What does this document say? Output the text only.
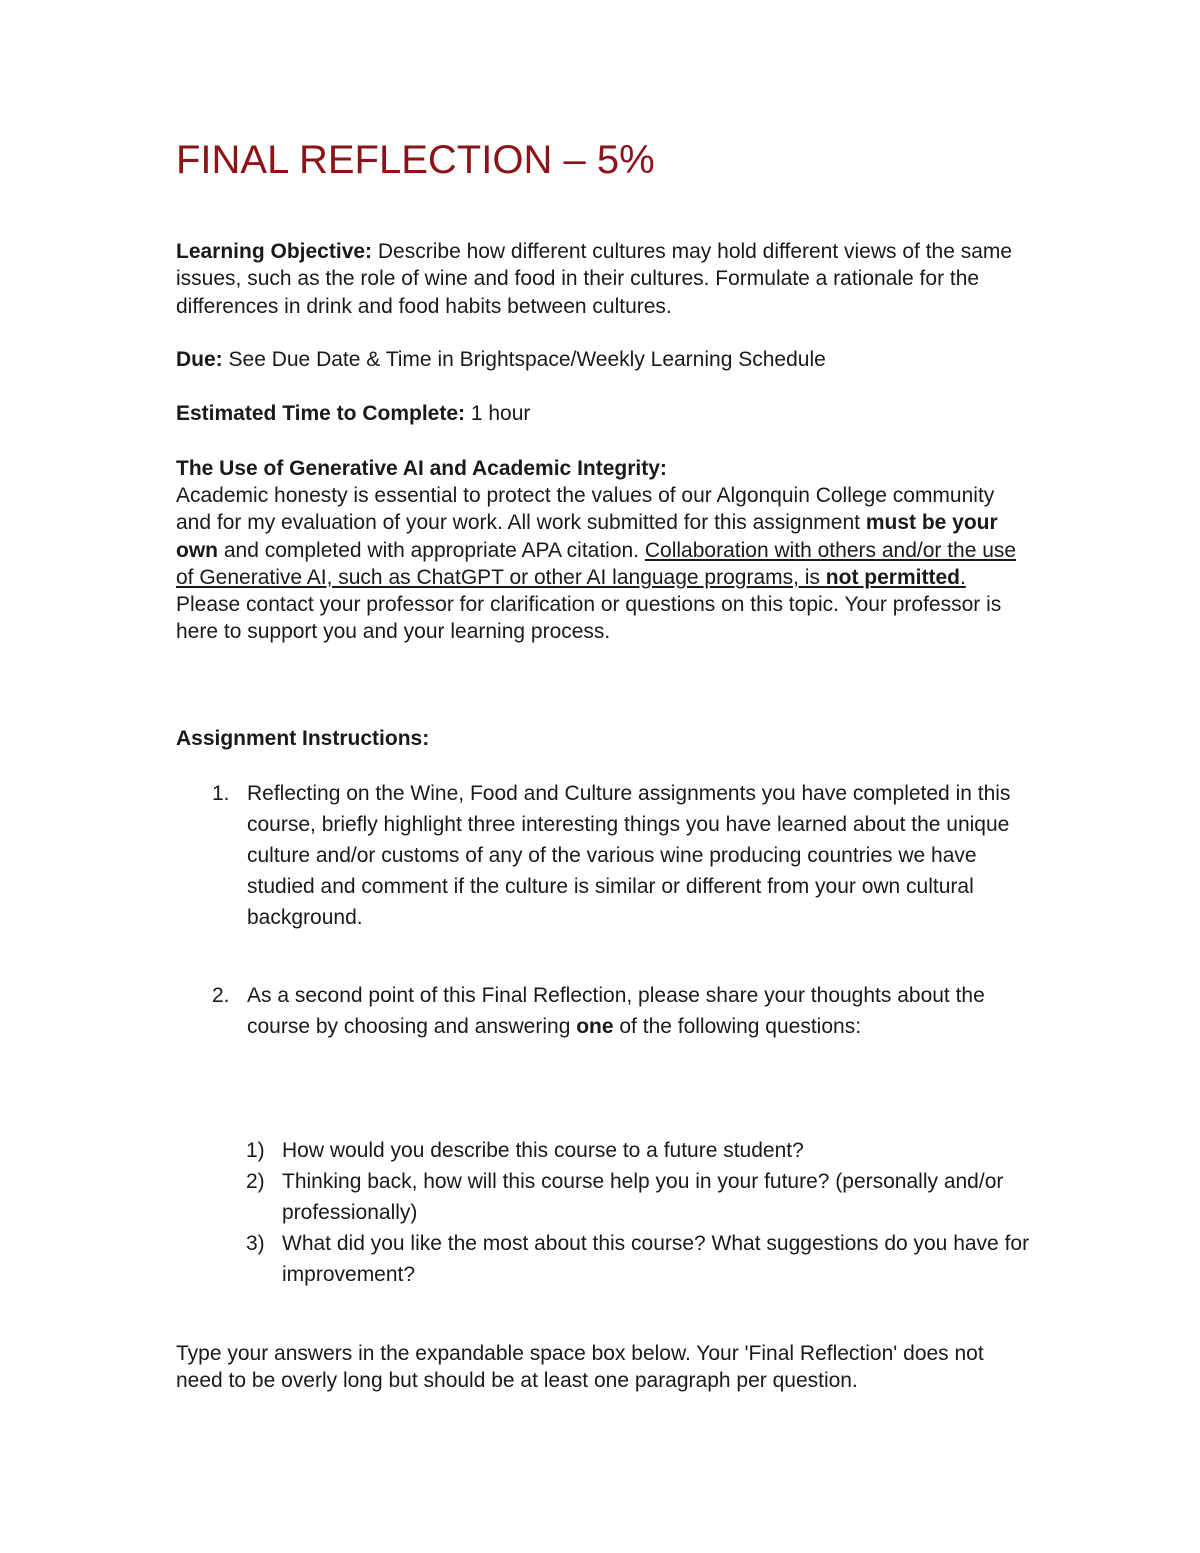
FINAL REFLECTION – 5%

Learning Objective: Describe how different cultures may hold different views of the same issues, such as the role of wine and food in their cultures. Formulate a rationale for the differences in drink and food habits between cultures.

Due: See Due Date & Time in Brightspace/Weekly Learning Schedule

Estimated Time to Complete: 1 hour

The Use of Generative AI and Academic Integrity:

Academic honesty is essential to protect the values of our Algonquin College community and for my evaluation of your work. All work submitted for this assignment must be your own and completed with appropriate APA citation. Collaboration with others and/or the use of Generative AI, such as ChatGPT or other AI language programs, is not permitted. Please contact your professor for clarification or questions on this topic. Your professor is here to support you and your learning process.

Assignment Instructions:

1. Reflecting on the Wine, Food and Culture assignments you have completed in this course, briefly highlight three interesting things you have learned about the unique culture and/or customs of any of the various wine producing countries we have studied and comment if the culture is similar or different from your own cultural background.
2. As a second point of this Final Reflection, please share your thoughts about the course by choosing and answering one of the following questions:
1) How would you describe this course to a future student?
2) Thinking back, how will this course help you in your future? (personally and/or professionally)
3) What did you like the most about this course? What suggestions do you have for improvement?

Type your answers in the expandable space box below. Your 'Final Reflection' does not need to be overly long but should be at least one paragraph per question.
